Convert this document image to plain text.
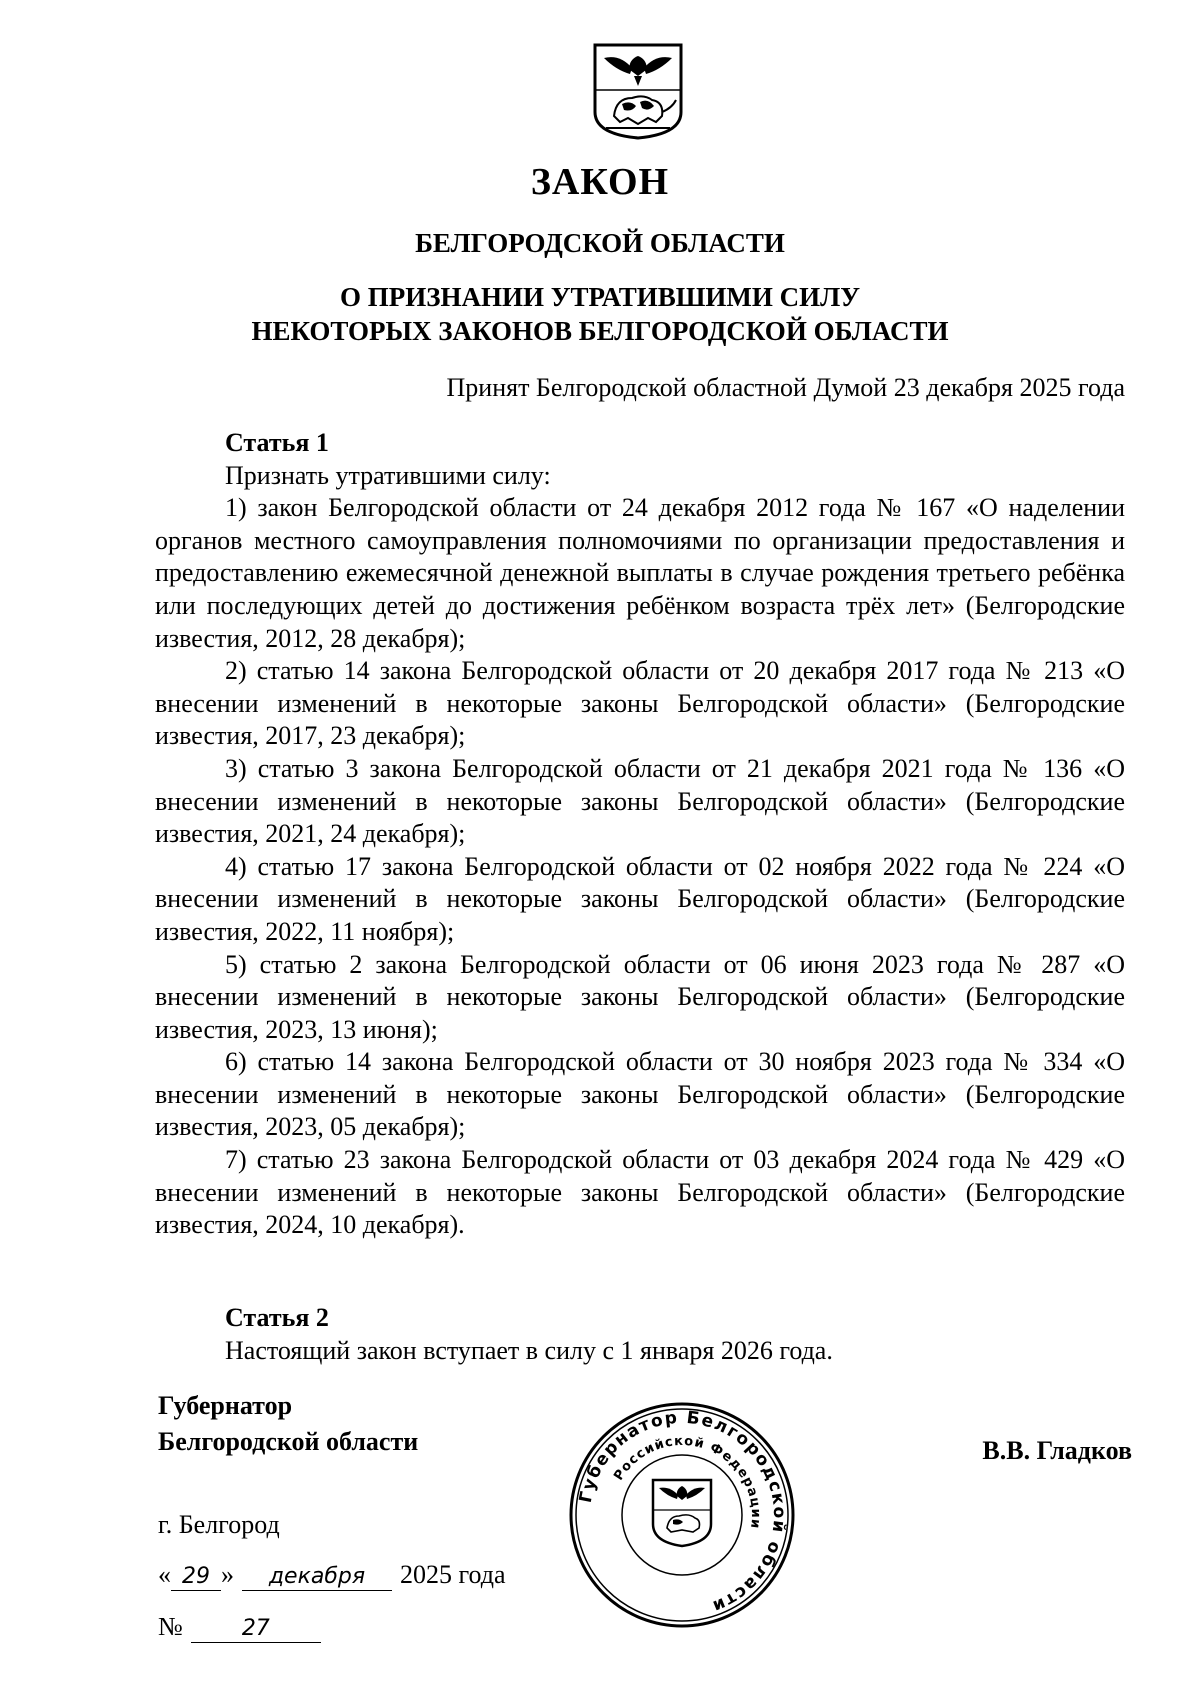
ЗАКОН
БЕЛГОРОДСКОЙ ОБЛАСТИ
О ПРИЗНАНИИ УТРАТИВШИМИ СИЛУ
НЕКОТОРЫХ ЗАКОНОВ БЕЛГОРОДСКОЙ ОБЛАСТИ
Принят Белгородской областной Думой 23 декабря 2025 года

Статья 1

Признать утратившими силу:

1) закон Белгородской области от 24 декабря 2012 года № 167 «О наделении органов местного самоуправления полномочиями по организации предоставления и предоставлению ежемесячной денежной выплаты в случае рождения третьего ребёнка или последующих детей до достижения ребёнком возраста трёх лет» (Белгородские известия, 2012, 28 декабря);

2) статью 14 закона Белгородской области от 20 декабря 2017 года № 213 «О внесении изменений в некоторые законы Белгородской области» (Белгородские известия, 2017, 23 декабря);

3) статью 3 закона Белгородской области от 21 декабря 2021 года № 136 «О внесении изменений в некоторые законы Белгородской области» (Белгородские известия, 2021, 24 декабря);

4) статью 17 закона Белгородской области от 02 ноября 2022 года № 224 «О внесении изменений в некоторые законы Белгородской области» (Белгородские известия, 2022, 11 ноября);

5) статью 2 закона Белгородской области от 06 июня 2023 года № 287 «О внесении изменений в некоторые законы Белгородской области» (Белгородские известия, 2023, 13 июня);

6) статью 14 закона Белгородской области от 30 ноября 2023 года № 334 «О внесении изменений в некоторые законы Белгородской области» (Белгородские известия, 2023, 05 декабря);

7) статью 23 закона Белгородской области от 03 декабря 2024 года № 429 «О внесении изменений в некоторые законы Белгородской области» (Белгородские известия, 2024, 10 декабря).

Статья 2

Настоящий закон вступает в силу с 1 января 2026 года.

Губернатор
Белгородской области
Губернатор Белгородской области
Российской Федерации
В.В. Гладков
г. Белгород
« 29 » декабря 2025 года
№	27
